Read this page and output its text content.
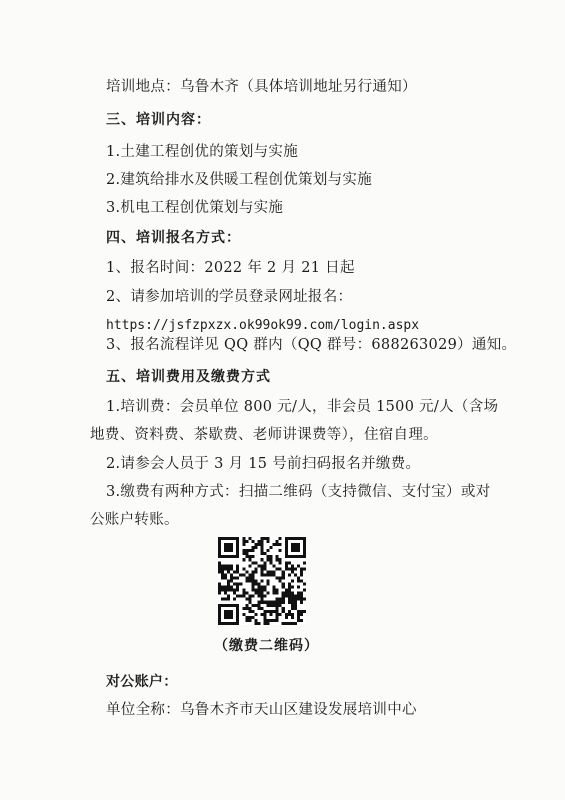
培训地点：乌鲁木齐（具体培训地址另行通知）
三、培训内容：
1.土建工程创优的策划与实施
2.建筑给排水及供暖工程创优策划与实施
3.机电工程创优策划与实施
四、培训报名方式：
1、报名时间：2022 年 2 月 21 日起
2、请参加培训的学员登录网址报名：
https://jsfzpxzx.ok99ok99.com/login.aspx
3、报名流程详见 QQ 群内（QQ 群号：688263029）通知。
五、培训费用及缴费方式
1.培训费：会员单位 800 元/人，非会员 1500 元/人（含场
地费、资料费、茶歇费、老师讲课费等），住宿自理。
2.请参会人员于 3 月 15 号前扫码报名并缴费。
3.缴费有两种方式：扫描二维码（支持微信、支付宝）或对
公账户转账。
（缴费二维码）
对公账户：
单位全称：乌鲁木齐市天山区建设发展培训中心
